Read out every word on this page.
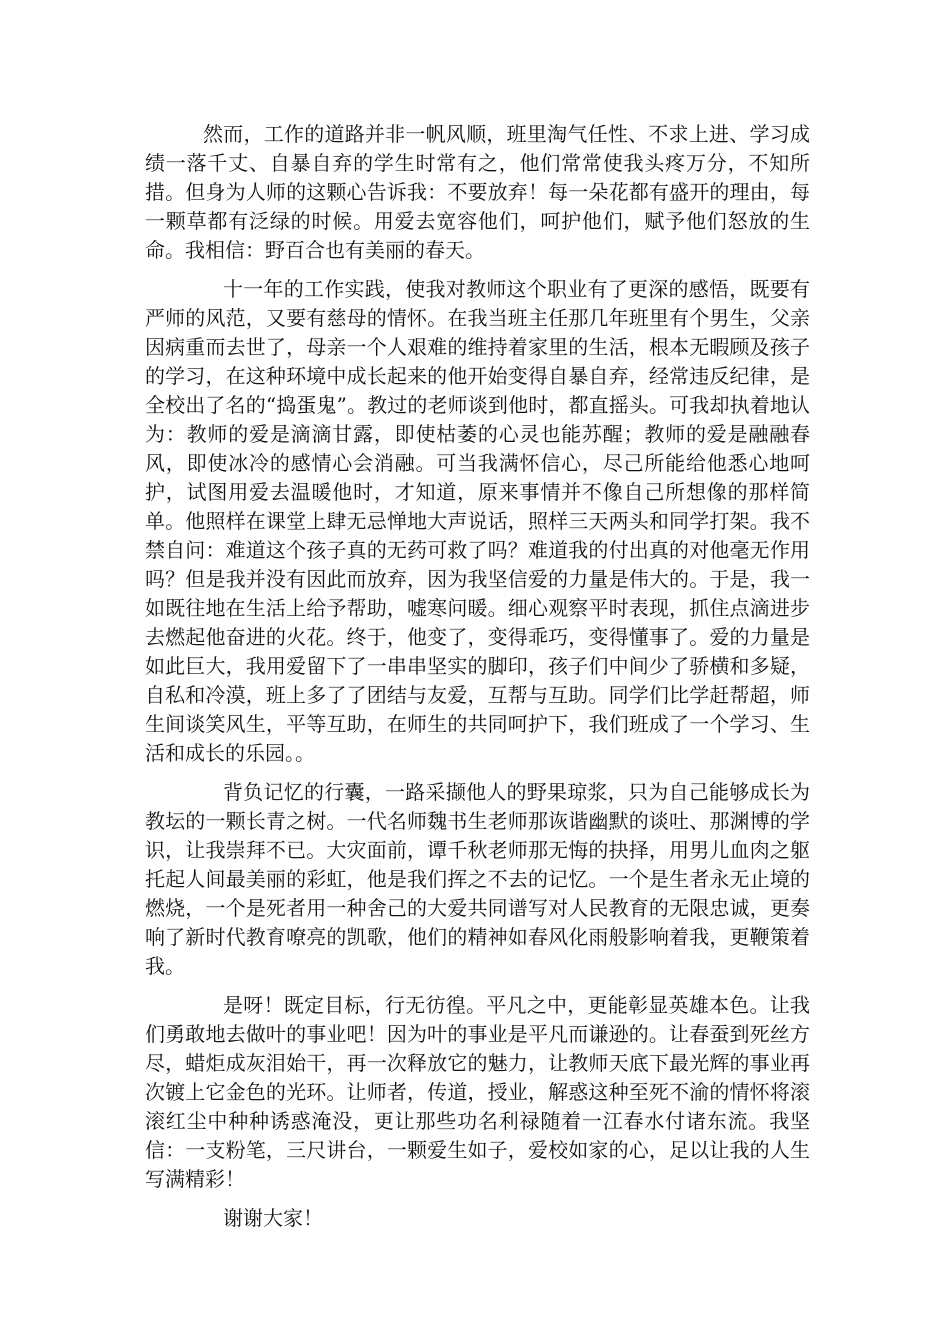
然而，工作的道路并非一帆风顺，班里淘气任性、不求上进、学习成绩一落千丈、自暴自弃的学生时常有之，他们常常使我头疼万分，不知所措。但身为人师的这颗心告诉我：不要放弃！每一朵花都有盛开的理由，每一颗草都有泛绿的时候。用爱去宽容他们，呵护他们，赋予他们怒放的生命。我相信：野百合也有美丽的春天。

十一年的工作实践，使我对教师这个职业有了更深的感悟，既要有严师的风范，又要有慈母的情怀。在我当班主任那几年班里有个男生，父亲因病重而去世了，母亲一个人艰难的维持着家里的生活，根本无暇顾及孩子的学习，在这种环境中成长起来的他开始变得自暴自弃，经常违反纪律，是全校出了名的“捣蛋鬼”。教过的老师谈到他时，都直摇头。可我却执着地认为：教师的爱是滴滴甘露，即使枯萎的心灵也能苏醒；教师的爱是融融春风，即使冰冷的感情心会消融。可当我满怀信心，尽己所能给他悉心地呵护，试图用爱去温暖他时，才知道，原来事情并不像自己所想像的那样简单。他照样在课堂上肆无忌惮地大声说话，照样三天两头和同学打架。我不禁自问：难道这个孩子真的无药可救了吗？难道我的付出真的对他毫无作用吗？但是我并没有因此而放弃，因为我坚信爱的力量是伟大的。于是，我一如既往地在生活上给予帮助，嘘寒问暖。细心观察平时表现，抓住点滴进步去燃起他奋进的火花。终于，他变了，变得乖巧，变得懂事了。爱的力量是如此巨大，我用爱留下了一串串坚实的脚印，孩子们中间少了骄横和多疑，自私和冷漠，班上多了了团结与友爱，互帮与互助。同学们比学赶帮超，师生间谈笑风生，平等互助，在师生的共同呵护下，我们班成了一个学习、生活和成长的乐园。。

背负记忆的行囊，一路采撷他人的野果琼浆，只为自己能够成长为教坛的一颗长青之树。一代名师魏书生老师那诙谐幽默的谈吐、那渊博的学识，让我崇拜不已。大灾面前，谭千秋老师那无悔的抉择，用男儿血肉之躯托起人间最美丽的彩虹，他是我们挥之不去的记忆。一个是生者永无止境的燃烧，一个是死者用一种舍己的大爱共同谱写对人民教育的无限忠诚，更奏响了新时代教育嘹亮的凯歌，他们的精神如春风化雨般影响着我，更鞭策着我。

是呀！既定目标，行无彷徨。平凡之中，更能彰显英雄本色。让我们勇敢地去做叶的事业吧！因为叶的事业是平凡而谦逊的。让春蚕到死丝方尽，蜡炬成灰泪始干，再一次释放它的魅力，让教师天底下最光辉的事业再次镀上它金色的光环。让师者，传道，授业，解惑这种至死不渝的情怀将滚滚红尘中种种诱惑淹没，更让那些功名利禄随着一江春水付诸东流。我坚信：一支粉笔，三尺讲台，一颗爱生如子，爱校如家的心，足以让我的人生写满精彩！

谢谢大家！
